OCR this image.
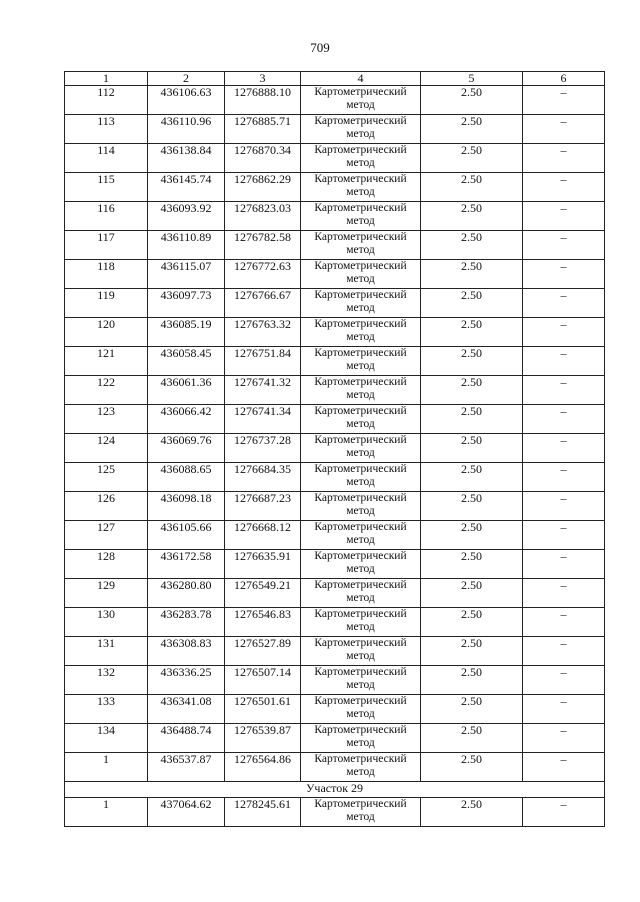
709
1	2	3	4	5	6
112	436106.63	1276888.10	Картометрический метод	2.50	–
113	436110.96	1276885.71	Картометрический метод	2.50	–
114	436138.84	1276870.34	Картометрический метод	2.50	–
115	436145.74	1276862.29	Картометрический метод	2.50	–
116	436093.92	1276823.03	Картометрический метод	2.50	–
117	436110.89	1276782.58	Картометрический метод	2.50	–
118	436115.07	1276772.63	Картометрический метод	2.50	–
119	436097.73	1276766.67	Картометрический метод	2.50	–
120	436085.19	1276763.32	Картометрический метод	2.50	–
121	436058.45	1276751.84	Картометрический метод	2.50	–
122	436061.36	1276741.32	Картометрический метод	2.50	–
123	436066.42	1276741.34	Картометрический метод	2.50	–
124	436069.76	1276737.28	Картометрический метод	2.50	–
125	436088.65	1276684.35	Картометрический метод	2.50	–
126	436098.18	1276687.23	Картометрический метод	2.50	–
127	436105.66	1276668.12	Картометрический метод	2.50	–
128	436172.58	1276635.91	Картометрический метод	2.50	–
129	436280.80	1276549.21	Картометрический метод	2.50	–
130	436283.78	1276546.83	Картометрический метод	2.50	–
131	436308.83	1276527.89	Картометрический метод	2.50	–
132	436336.25	1276507.14	Картометрический метод	2.50	–
133	436341.08	1276501.61	Картометрический метод	2.50	–
134	436488.74	1276539.87	Картометрический метод	2.50	–
1	436537.87	1276564.86	Картометрический метод	2.50	–
Участок 29					
1	437064.62	1278245.61	Картометрический метод	2.50	–
